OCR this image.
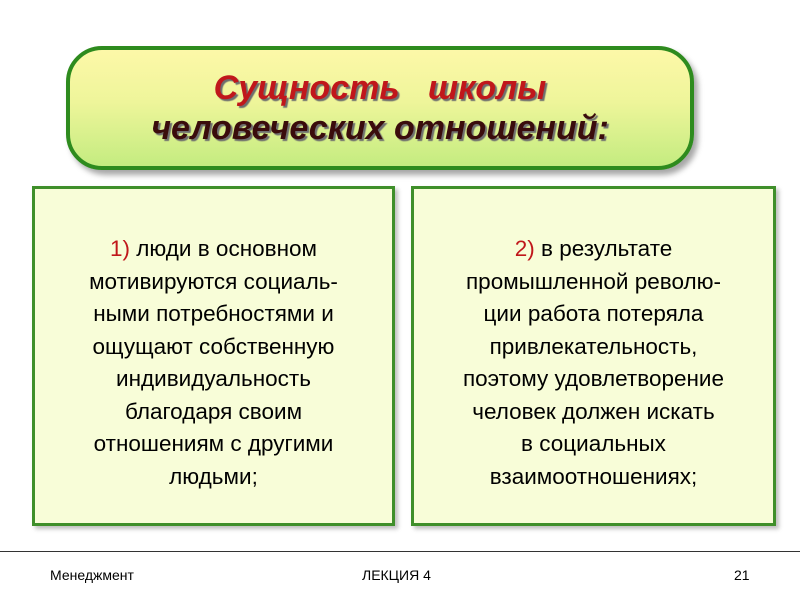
Сущность   школы
человеческих отношений:
1) люди в основном
мотивируются социаль-
ными потребностями и
ощущают собственную
индивидуальность
благодаря своим
отношениям с другими
людьми;
2) в результате
промышленной револю-
ции работа потеряла
привлекательность,
поэтому удовлетворение
человек должен искать
в социальных
взаимоотношениях;
Менеджмент	ЛЕКЦИЯ 4	21
